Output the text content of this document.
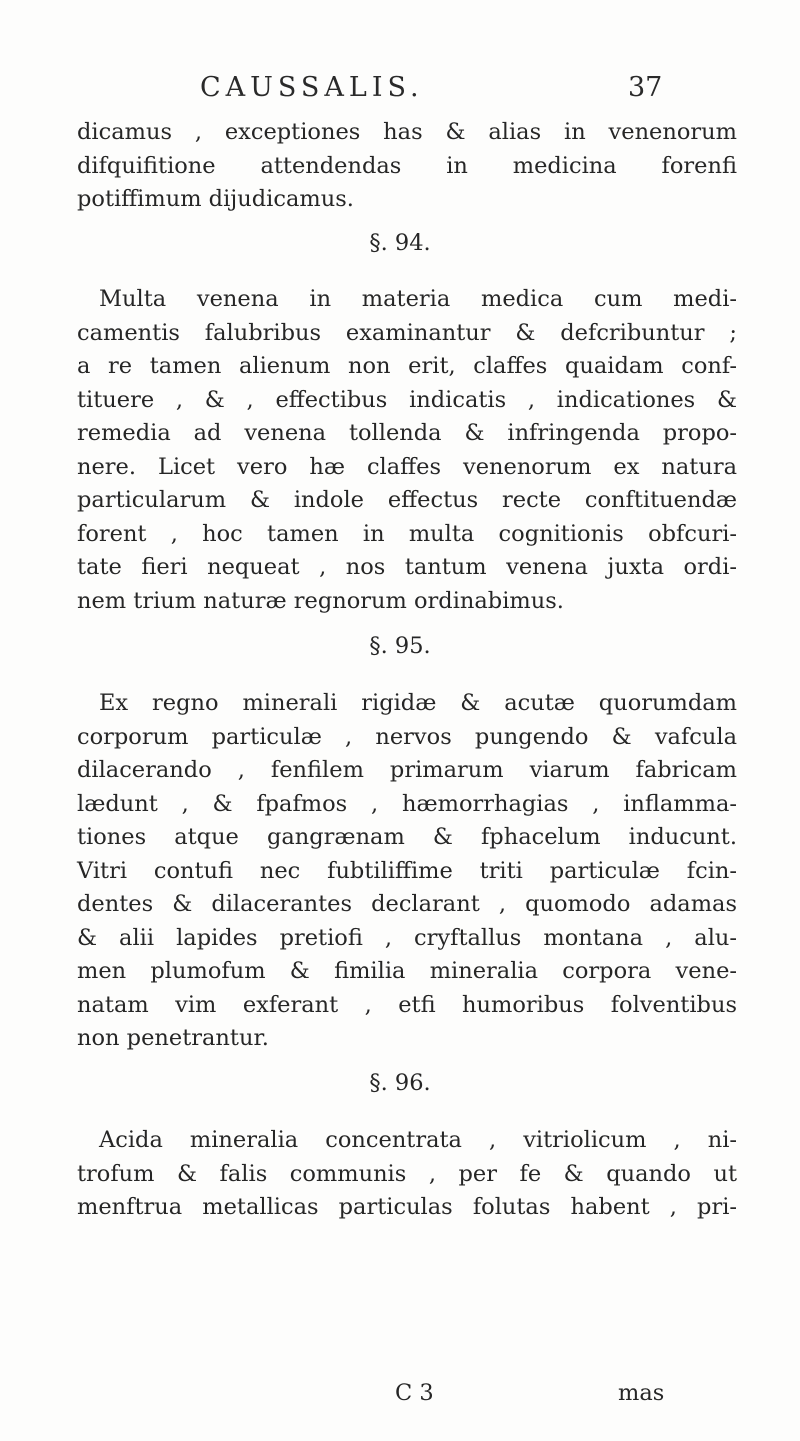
CAUSSALIS.	37
dicamus , exceptiones has & alias in venenorum
difquifitione attendendas in medicina forenfi
potiffimum dijudicamus.
§. 94.
Multa venena in materia medica cum medi-
camentis falubribus examinantur & defcribuntur ;
a re tamen alienum non erit, claffes quaidam conf-
tituere , & , effectibus indicatis , indicationes &
remedia ad venena tollenda & infringenda propo-
nere. Licet vero hæ claffes venenorum ex natura
particularum & indole effectus recte conftituendæ
forent , hoc tamen in multa cognitionis obfcuri-
tate fieri nequeat , nos tantum venena juxta ordi-
nem trium naturæ regnorum ordinabimus.
§. 95.
Ex regno minerali rigidæ & acutæ quorumdam
corporum particulæ , nervos pungendo & vafcula
dilacerando , fenfilem primarum viarum fabricam
lædunt , & fpafmos , hæmorrhagias , inflamma-
tiones atque gangrænam & fphacelum inducunt.
Vitri contufi nec fubtiliffime triti particulæ fcin-
dentes & dilacerantes declarant , quomodo adamas
& alii lapides pretiofi , cryftallus montana , alu-
men plumofum & fimilia mineralia corpora vene-
natam vim exferant , etfi humoribus folventibus
non penetrantur.
§. 96.
Acida mineralia concentrata , vitriolicum , ni-
trofum & falis communis , per fe & quando ut
menftrua metallicas particulas folutas habent , pri-
C 3	mas
